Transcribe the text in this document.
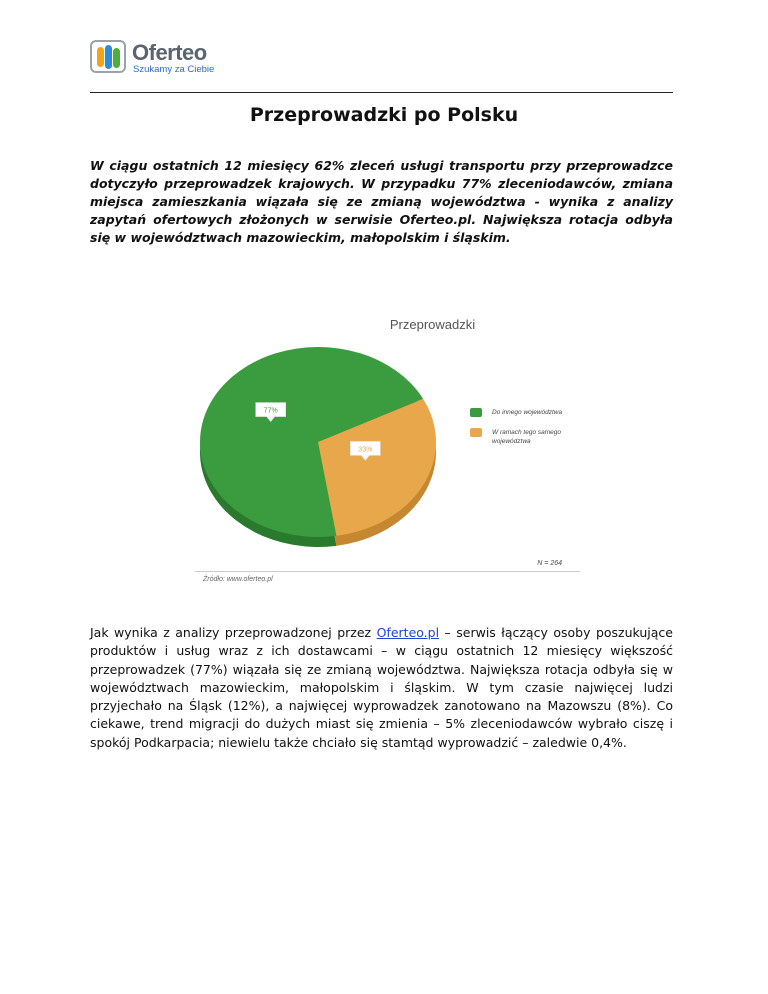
Oferteo
Szukamy za Ciebie
Przeprowadzki po Polsku

W ciągu ostatnich 12 miesięcy 62% zleceń usługi transportu przy przeprowadzce dotyczyło przeprowadzek krajowych. W przypadku 77% zleceniodawców, zmiana miejsca zamieszkania wiązała się ze zmianą województwa - wynika z analizy zapytań ofertowych złożonych w serwisie Oferteo.pl. Największa rotacja odbyła się w województwach mazowieckim, małopolskim i śląskim.

Przeprowadzki
77%
33%
Do innego województwa
W ramach tego samego województwa
N = 264
Źródło: www.oferteo.pl

Jak wynika z analizy przeprowadzonej przez Oferteo.pl – serwis łączący osoby poszukujące produktów i usług wraz z ich dostawcami – w ciągu ostatnich 12 miesięcy większość przeprowadzek (77%) wiązała się ze zmianą województwa. Największa rotacja odbyła się w województwach mazowieckim, małopolskim i śląskim. W tym czasie najwięcej ludzi przyjechało na Śląsk (12%), a najwięcej wyprowadzek zanotowano na Mazowszu (8%). Co ciekawe, trend migracji do dużych miast się zmienia – 5% zleceniodawców wybrało ciszę i spokój Podkarpacia; niewielu także chciało się stamtąd wyprowadzić – zaledwie 0,4%.
